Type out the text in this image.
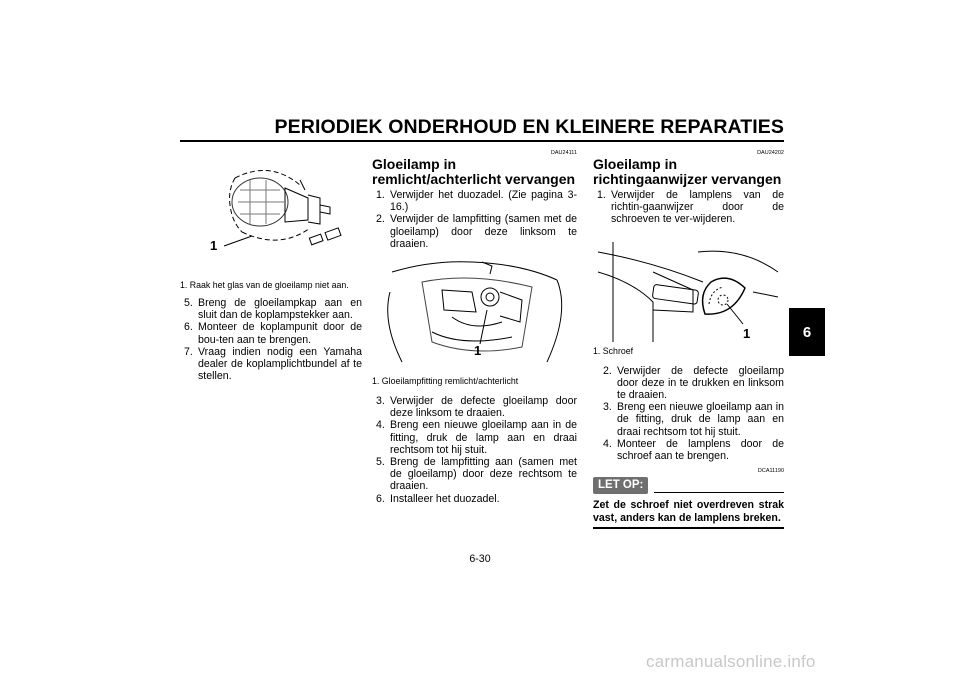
PERIODIEK ONDERHOUD EN KLEINERE REPARATIES
6
1
1. Raak het glas van de gloeilamp niet aan.
5. Breng de gloeilampkap aan en sluit dan de koplampstekker aan.
6. Monteer de koplampunit door de bou-ten aan te brengen.
7. Vraag indien nodig een Yamaha dealer de koplamplichtbundel af te stellen.
DAU24111
Gloeilamp in remlicht/achterlicht vervangen
1. Verwijder het duozadel. (Zie pagina 3-16.)
2. Verwijder de lampfitting (samen met de gloeilamp) door deze linksom te draaien.
1
1. Gloeilampfitting remlicht/achterlicht
3. Verwijder de defecte gloeilamp door deze linksom te draaien.
4. Breng een nieuwe gloeilamp aan in de fitting, druk de lamp aan en draai rechtsom tot hij stuit.
5. Breng de lampfitting aan (samen met de gloeilamp) door deze rechtsom te draaien.
6. Installeer het duozadel.
DAU24202
Gloeilamp in richtingaanwijzer vervangen
1. Verwijder de lamplens van de richtin-gaanwijzer door de schroeven te ver-wijderen.
1
1. Schroef
2. Verwijder de defecte gloeilamp door deze in te drukken en linksom te draaien.
3. Breng een nieuwe gloeilamp aan in de fitting, druk de lamp aan en draai rechtsom tot hij stuit.
4. Monteer de lamplens door de schroef aan te brengen.
DCA11190
LET OP:
Zet de schroef niet overdreven strak vast, anders kan de lamplens breken.
6-30
carmanualsonline.info
